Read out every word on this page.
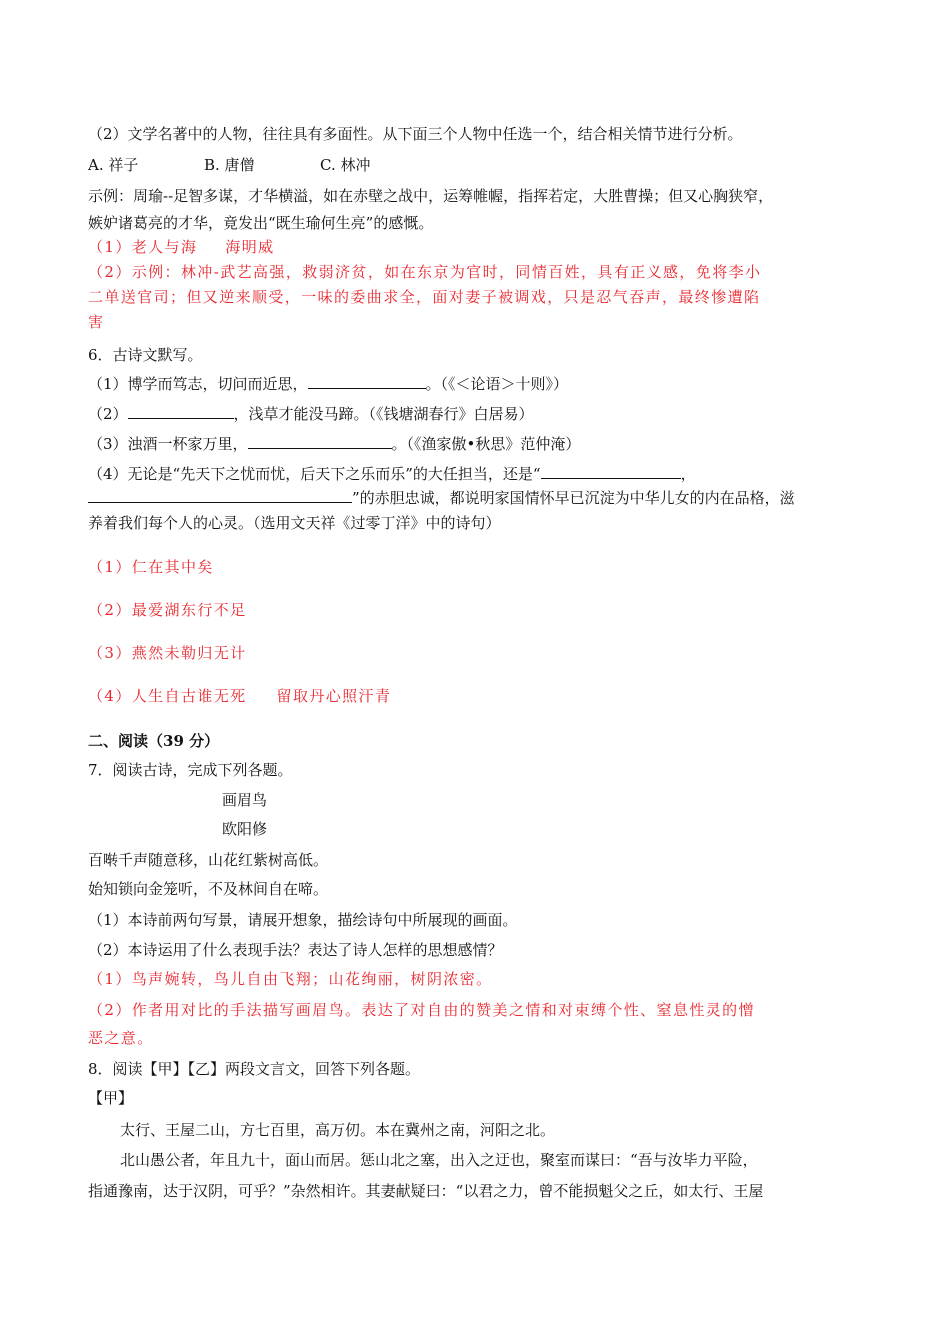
（2）文学名著中的人物，往往具有多面性。从下面三个人物中任选一个，结合相关情节进行分析。
A. 祥子	B. 唐僧	C. 林冲
示例：周瑜--足智多谋，才华横溢，如在赤壁之战中，运筹帷幄，指挥若定，大胜曹操；但又心胸狭窄，
嫉妒诸葛亮的才华，竟发出“既生瑜何生亮”的感慨。
（1）老人与海 海明威
（2）示例：林冲-武艺高强，救弱济贫，如在东京为官时，同情百姓，具有正义感，免将李小
二单送官司；但又逆来顺受，一味的委曲求全，面对妻子被调戏，只是忍气吞声，最终惨遭陷
害
6．古诗文默写。
（1）博学而笃志，切问而近思，	。（《＜论语＞十则》）
（2）	，浅草才能没马蹄。（《钱塘湖春行》白居易）
（3）浊酒一杯家万里，	。（《渔家傲•秋思》范仲淹）
（4）无论是“先天下之忧而忧，后天下之乐而乐”的大任担当，还是“	，
”的赤胆忠诚，都说明家国情怀早已沉淀为中华儿女的内在品格，滋
养着我们每个人的心灵。（选用文天祥《过零丁洋》中的诗句）
（1）仁在其中矣
（2）最爱湖东行不足
（3）燕然未勒归无计
（4）人生自古谁无死 留取丹心照汗青
二、阅读（39 分）
7．阅读古诗，完成下列各题。
画眉鸟
欧阳修
百啭千声随意移，山花红紫树高低。
始知锁向金笼听，不及林间自在啼。
（1）本诗前两句写景，请展开想象，描绘诗句中所展现的画面。
（2）本诗运用了什么表现手法？表达了诗人怎样的思想感情？
（1）鸟声婉转，鸟儿自由飞翔；山花绚丽，树阴浓密。
（2）作者用对比的手法描写画眉鸟。表达了对自由的赞美之情和对束缚个性、窒息性灵的憎
恶之意。
8．阅读【甲】【乙】两段文言文，回答下列各题。
【甲】
太行、王屋二山，方七百里，高万仞。本在冀州之南，河阳之北。
北山愚公者，年且九十，面山而居。惩山北之塞，出入之迂也，聚室而谋曰：“吾与汝毕力平险，
指通豫南，达于汉阴，可乎？”杂然相许。其妻献疑曰：“以君之力，曾不能损魁父之丘，如太行、王屋
